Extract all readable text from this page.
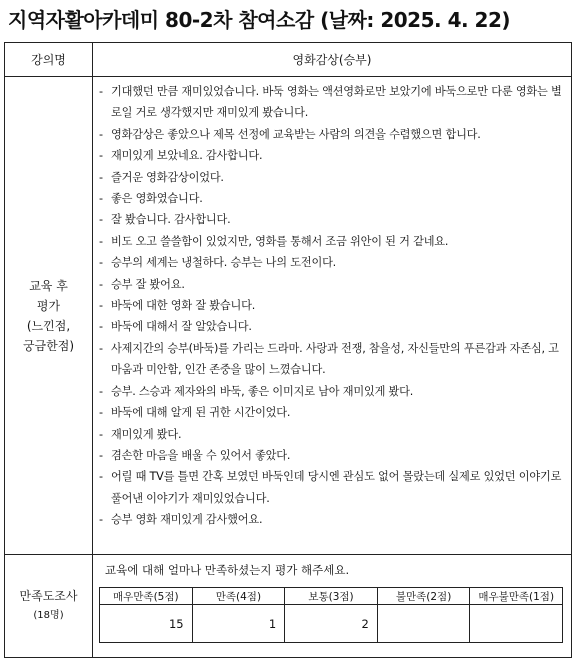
지역자활아카데미 80-2차 참여소감 (날짜: 2025. 4. 22)
강의명	영화감상(승부)

교육 후
평가
(느낀점,
궁금한점)

- 기대했던 만큼 재미있었습니다. 바둑 영화는 액션영화로만 보았기에 바둑으로만 다룬 영화는 별로일 거로 생각했지만 재미있게 봤습니다.
- 영화감상은 좋았으나 제목 선정에 교육받는 사람의 의견을 수렴했으면 합니다.
- 재미있게 보았네요. 감사합니다.
- 즐거운 영화감상이었다.
- 좋은 영화였습니다.
- 잘 봤습니다. 감사합니다.
- 비도 오고 쓸쓸함이 있었지만, 영화를 통해서 조금 위안이 된 거 같네요.
- 승부의 세계는 냉철하다. 승부는 나의 도전이다.
- 승부 잘 봤어요.
- 바둑에 대한 영화 잘 봤습니다.
- 바둑에 대해서 잘 알았습니다.
- 사제지간의 승부(바둑)를 가리는 드라마. 사랑과 전쟁, 참을성, 자신들만의 푸른감과 자존심, 고마움과 미안함, 인간 존중을 많이 느꼈습니다.
- 승부. 스승과 제자와의 바둑, 좋은 이미지로 남아 재미있게 봤다.
- 바둑에 대해 알게 된 귀한 시간이었다.
- 재미있게 봤다.
- 겸손한 마음을 배울 수 있어서 좋았다.
- 어릴 때 TV를 틀면 간혹 보였던 바둑인데 당시엔 관심도 없어 몰랐는데 실제로 있었던 이야기로 풀어낸 이야기가 재미있었습니다.
- 승부 영화 재미있게 감사했어요.

만족도조사
(18명)

교육에 대해 얼마나 만족하셨는지 평가 해주세요.
매우만족(5점)	만족(4점)	보통(3점)	불만족(2점)	매우불만족(1점)
15	1	2		
